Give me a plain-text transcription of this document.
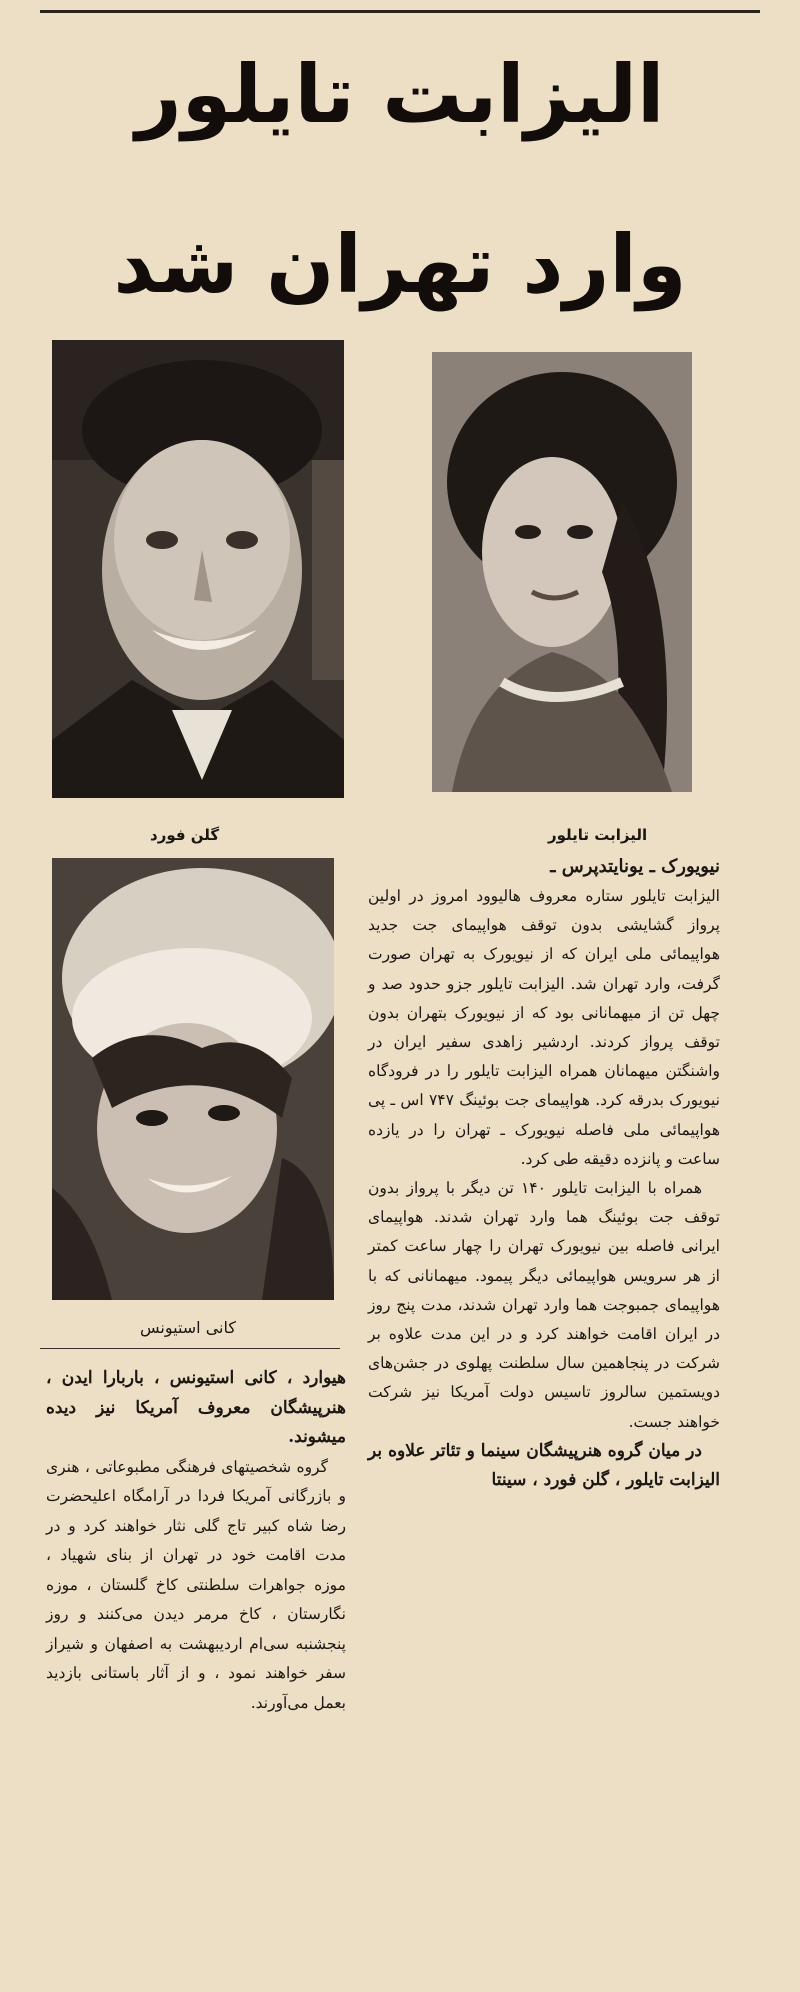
الیزابت تایلور
وارد تهران شد
گلن فورد	الیزابت تایلور
کانی استیونس

نیویورک ـ یونایتدپرس ـ

الیزابت تایلور ستاره معروف هالیوود امروز در اولین پرواز گشایشی بدون توقف هواپیمای جت جدید هواپیمائی ملی ایران که از نیویورک به تهران صورت گرفت، وارد تهران شد. الیزابت تایلور جزو حدود صد و چهل تن از میهمانانی بود که از نیویورک بتهران بدون توقف پرواز کردند. اردشیر زاهدی سفیر ایران در واشنگتن میهمانان همراه الیزابت تایلور را در فرودگاه نیویورک بدرقه کرد. هواپیمای جت بوئینگ ۷۴۷ اس ـ پی هواپیمائی ملی فاصله نیویورک ـ تهران را در یازده ساعت و پانزده دقیقه طی کرد.

همراه با الیزابت تایلور ۱۴۰ تن دیگر با پرواز بدون توقف جت بوئینگ هما وارد تهران شدند. هواپیمای ایرانی فاصله بین نیویورک تهران را چهار ساعت کمتر از هر سرویس هواپیمائی دیگر پیمود. میهمانانی که با هواپیمای جمبوجت هما وارد تهران شدند، مدت پنج روز در ایران اقامت خواهند کرد و در این مدت علاوه بر شرکت در پنجاهمین سال سلطنت پهلوی در جشن‌های دویستمین سالروز تاسیس دولت آمریکا نیز شرکت خواهند جست.

در میان گروه هنرپیشگان سینما و تئاتر علاوه بر الیزابت تایلور ، گلن فورد ، سینتا

هیوارد ، کانی استیونس ، باربارا ایدن ، هنرپیشگان معروف آمریکا نیز دیده میشوند.

گروه شخصیتهای فرهنگی مطبوعاتی ، هنری و بازرگانی آمریکا فردا در آرامگاه اعلیحضرت رضا شاه کبیر تاج گلی نثار خواهند کرد و در مدت اقامت خود در تهران از بنای شهیاد ، موزه جواهرات سلطنتی کاخ گلستان ، موزه نگارستان ، کاخ مرمر دیدن می‌کنند و روز پنجشنبه سی‌ام اردیبهشت به اصفهان و شیراز سفر خواهند نمود ، و از آثار باستانی بازدید بعمل می‌آورند.
